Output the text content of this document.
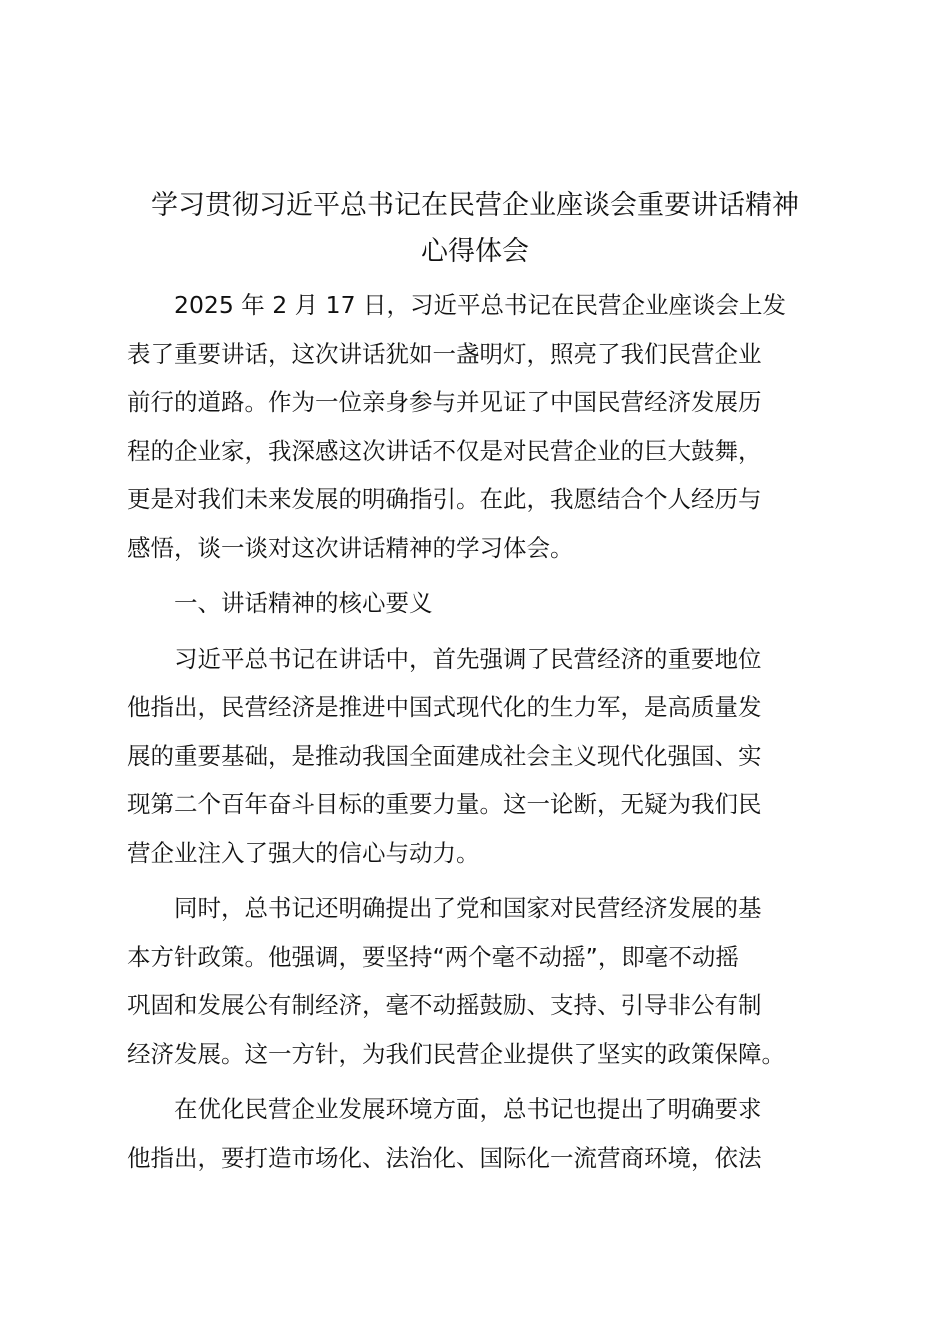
学习贯彻习近平总书记在民营企业座谈会重要讲话精神
心得体会
2025 年 2 月 17 日，习近平总书记在民营企业座谈会上发
表了重要讲话，这次讲话犹如一盏明灯，照亮了我们民营企业
前行的道路。作为一位亲身参与并见证了中国民营经济发展历
程的企业家，我深感这次讲话不仅是对民营企业的巨大鼓舞，
更是对我们未来发展的明确指引。在此，我愿结合个人经历与
感悟，谈一谈对这次讲话精神的学习体会。
一、讲话精神的核心要义
习近平总书记在讲话中，首先强调了民营经济的重要地位
他指出，民营经济是推进中国式现代化的生力军，是高质量发
展的重要基础，是推动我国全面建成社会主义现代化强国、实
现第二个百年奋斗目标的重要力量。这一论断，无疑为我们民
营企业注入了强大的信心与动力。
同时，总书记还明确提出了党和国家对民营经济发展的基
本方针政策。他强调，要坚持“两个毫不动摇”，即毫不动摇
巩固和发展公有制经济，毫不动摇鼓励、支持、引导非公有制
经济发展。这一方针，为我们民营企业提供了坚实的政策保障。
在优化民营企业发展环境方面，总书记也提出了明确要求
他指出，要打造市场化、法治化、国际化一流营商环境，依法
